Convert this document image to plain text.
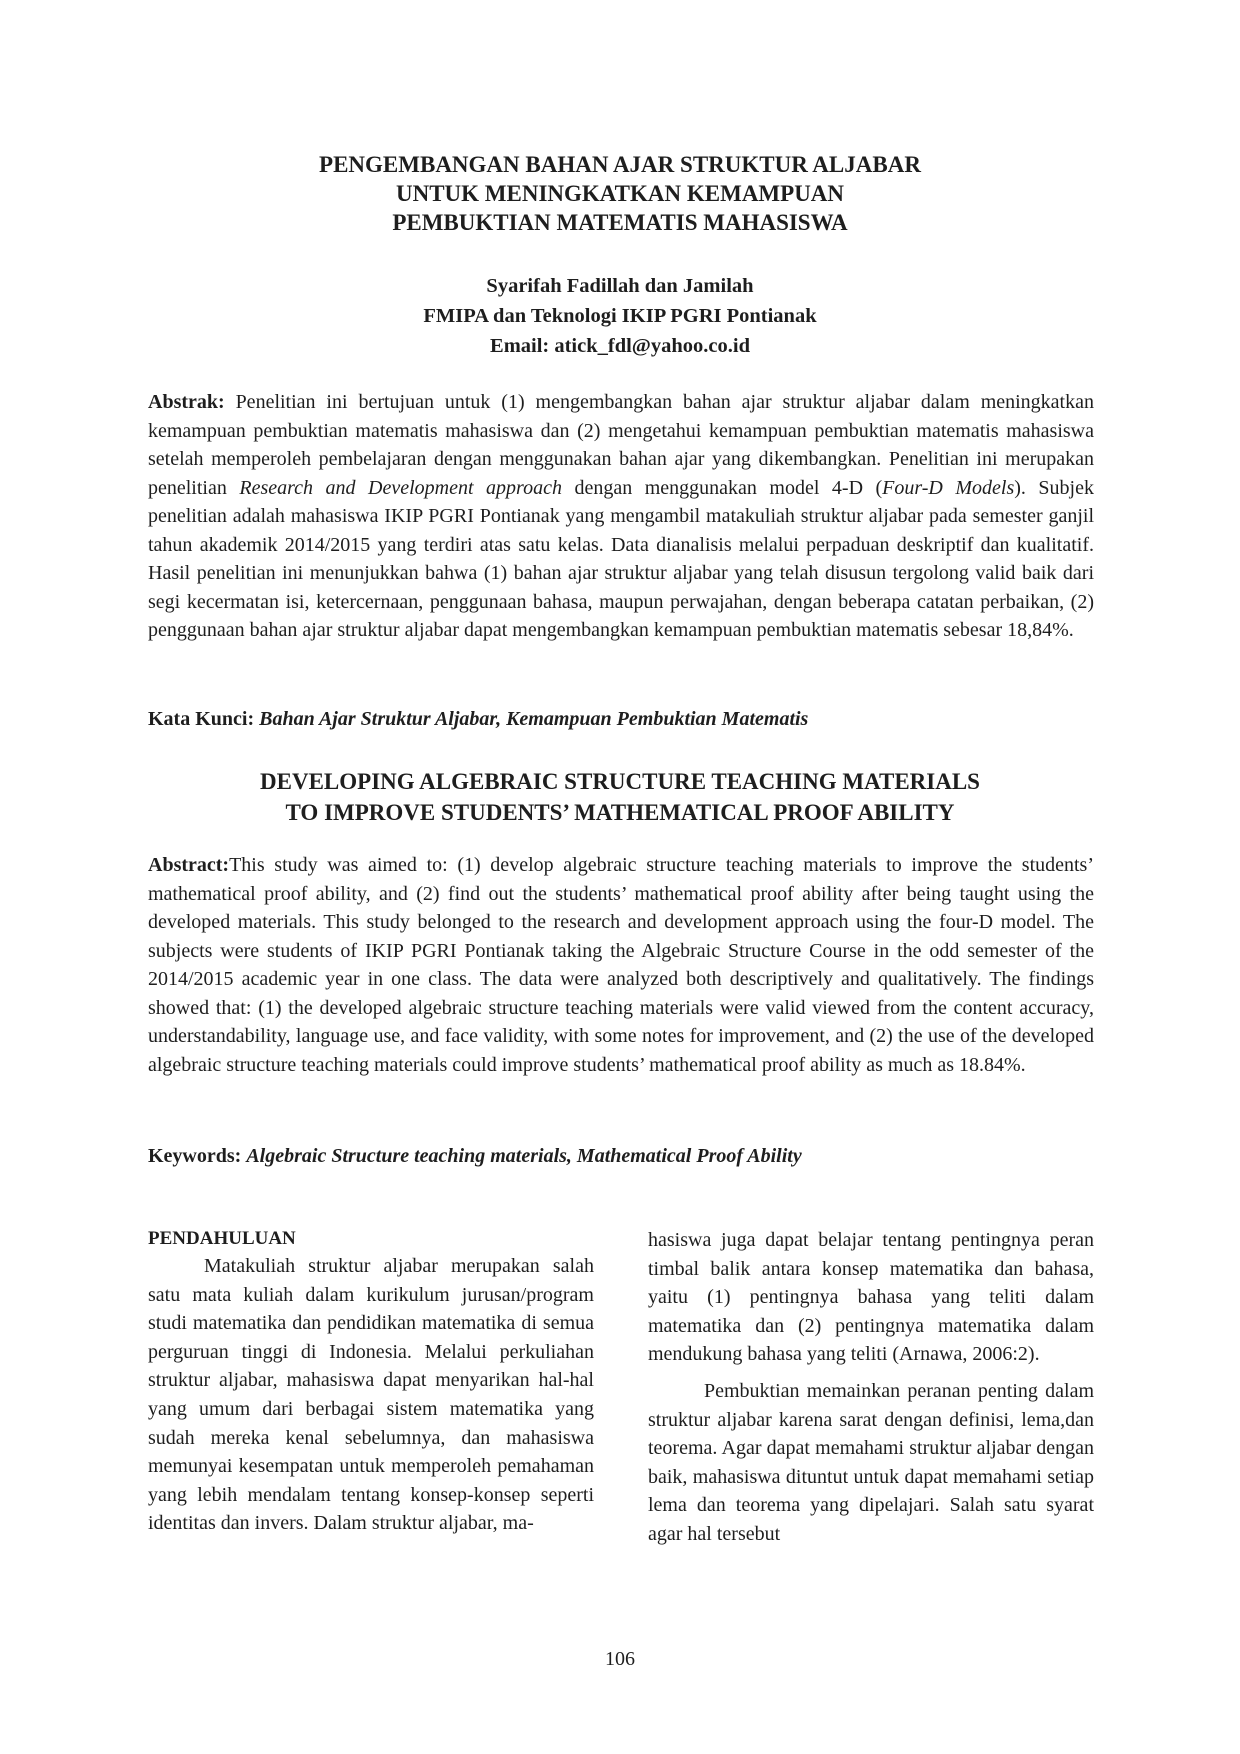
PENGEMBANGAN BAHAN AJAR STRUKTUR ALJABAR
UNTUK MENINGKATKAN KEMAMPUAN
PEMBUKTIAN MATEMATIS MAHASISWA
Syarifah Fadillah dan Jamilah
FMIPA dan Teknologi IKIP PGRI Pontianak
Email: atick_fdl@yahoo.co.id
Abstrak: Penelitian ini bertujuan untuk (1) mengembangkan bahan ajar struktur aljabar dalam meningkatkan kemampuan pembuktian matematis mahasiswa dan (2) mengetahui kemampuan pembuktian matematis mahasiswa setelah memperoleh pembelajaran dengan menggunakan bahan ajar yang dikembangkan. Penelitian ini merupakan penelitian Research and Development approach dengan menggunakan model 4-D (Four-D Models). Subjek penelitian adalah mahasiswa IKIP PGRI Pontianak yang mengambil matakuliah struktur aljabar pada semester ganjil tahun akademik 2014/2015 yang terdiri atas satu kelas. Data dianalisis melalui perpaduan deskriptif dan kualitatif. Hasil penelitian ini menunjukkan bahwa (1) bahan ajar struktur aljabar yang telah disusun tergolong valid baik dari segi kecermatan isi, ketercernaan, penggunaan bahasa, maupun perwajahan, dengan beberapa catatan perbaikan, (2) penggunaan bahan ajar struktur aljabar dapat mengembangkan kemampuan pembuktian matematis sebesar 18,84%.
Kata Kunci: Bahan Ajar Struktur Aljabar, Kemampuan Pembuktian Matematis
DEVELOPING ALGEBRAIC STRUCTURE TEACHING MATERIALS
TO IMPROVE STUDENTS’ MATHEMATICAL PROOF ABILITY
Abstract:This study was aimed to: (1) develop algebraic structure teaching materials to improve the students’ mathematical proof ability, and (2) find out the students’ mathematical proof ability after being taught using the developed materials. This study belonged to the research and development approach using the four-D model. The subjects were students of IKIP PGRI Pontianak taking the Algebraic Structure Course in the odd semester of the 2014/2015 academic year in one class. The data were analyzed both descriptively and qualitatively. The findings showed that: (1) the developed algebraic structure teaching materials were valid viewed from the content accuracy, understandability, language use, and face validity, with some notes for improvement, and (2) the use of the developed algebraic structure teaching materials could improve students’ mathematical proof ability as much as 18.84%.
Keywords: Algebraic Structure teaching materials, Mathematical Proof Ability

PENDAHULUAN

Matakuliah struktur aljabar merupakan salah satu mata kuliah dalam kurikulum jurusan/program studi matematika dan pendidikan matematika di semua perguruan tinggi di Indonesia. Melalui perkuliahan struktur aljabar, mahasiswa dapat menyarikan hal-hal yang umum dari berbagai sistem matematika yang sudah mereka kenal sebelumnya, dan mahasiswa memunyai kesempatan untuk memperoleh pemahaman yang lebih mendalam tentang konsep-konsep seperti identitas dan invers. Dalam struktur aljabar, ma-

hasiswa juga dapat belajar tentang pentingnya peran timbal balik antara konsep matematika dan bahasa, yaitu (1) pentingnya bahasa yang teliti dalam matematika dan (2) pentingnya matematika dalam mendukung bahasa yang teliti (Arnawa, 2006:2).

Pembuktian memainkan peranan penting dalam struktur aljabar karena sarat dengan definisi, lema,dan teorema. Agar dapat memahami struktur aljabar dengan baik, mahasiswa dituntut untuk dapat memahami setiap lema dan teorema yang dipelajari. Salah satu syarat agar hal tersebut

106
